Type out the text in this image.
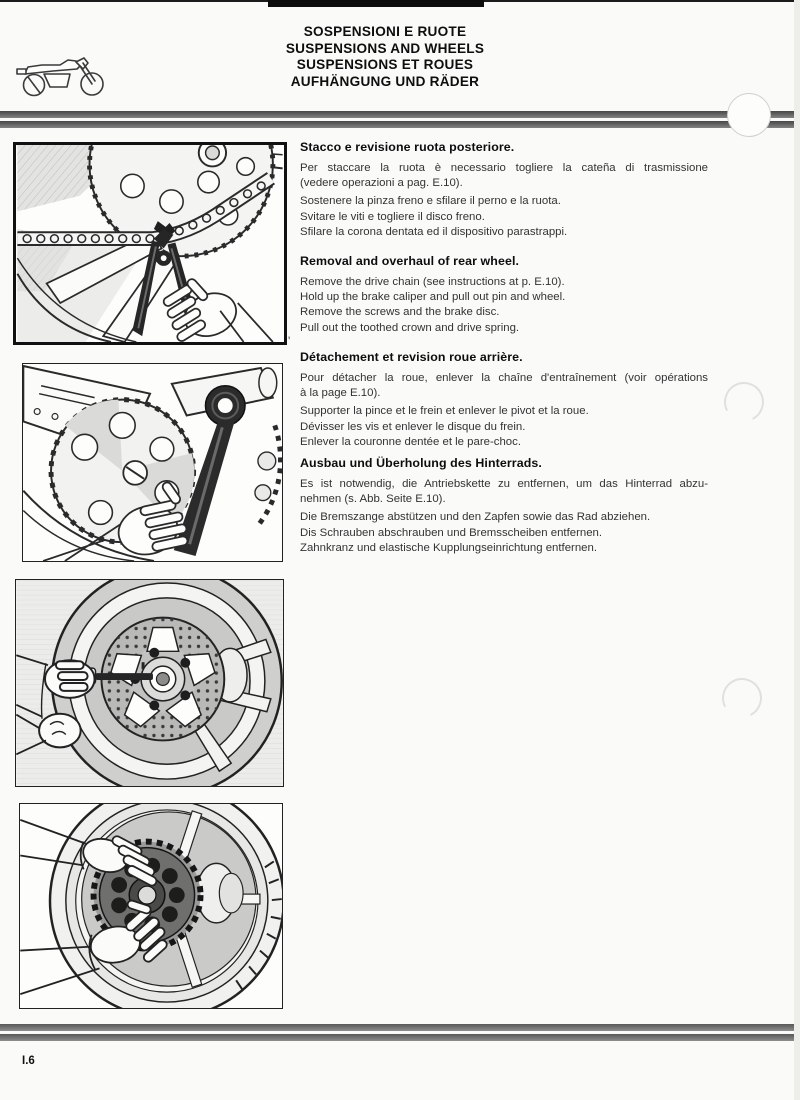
SOSPENSIONI E RUOTE
SUSPENSIONS AND WHEELS
SUSPENSIONS ET ROUES
AUFHÄNGUNG UND RÄDER
'
Stacco e revisione ruota posteriore.
Per staccare la ruota è necessario togliere la cateña di trasmissione
(vedere operazioni a pag. E.10).
Sostenere la pinza freno e sfilare il perno e la ruota.
Svitare le viti e togliere il disco freno.
Sfilare la corona dentata ed il dispositivo parastrappi.
Removal and overhaul of rear wheel.
Remove the drive chain (see instructions at p. E.10).
Hold up the brake caliper and pull out pin and wheel.
Remove the screws and the brake disc.
Pull out the toothed crown and drive spring.
Détachement et revision roue arrière.
Pour détacher la roue, enlever la chaîne d'entraînement (voir opérations
à la page E.10).
Supporter la pince et le frein et enlever le pivot et la roue.
Dévisser les vis et enlever le disque du frein.
Enlever la couronne dentée et le pare-choc.
Ausbau und Überholung des Hinterrads.
Es ist notwendig, die Antriebskette zu entfernen, um das Hinterrad abzu-
nehmen (s. Abb. Seite E.10).
Die Bremszange abstützen und den Zapfen sowie das Rad abziehen.
Dis Schrauben abschrauben und Bremsscheiben entfernen.
Zahnkranz und elastische Kupplungseinrichtung entfernen.
I.6
